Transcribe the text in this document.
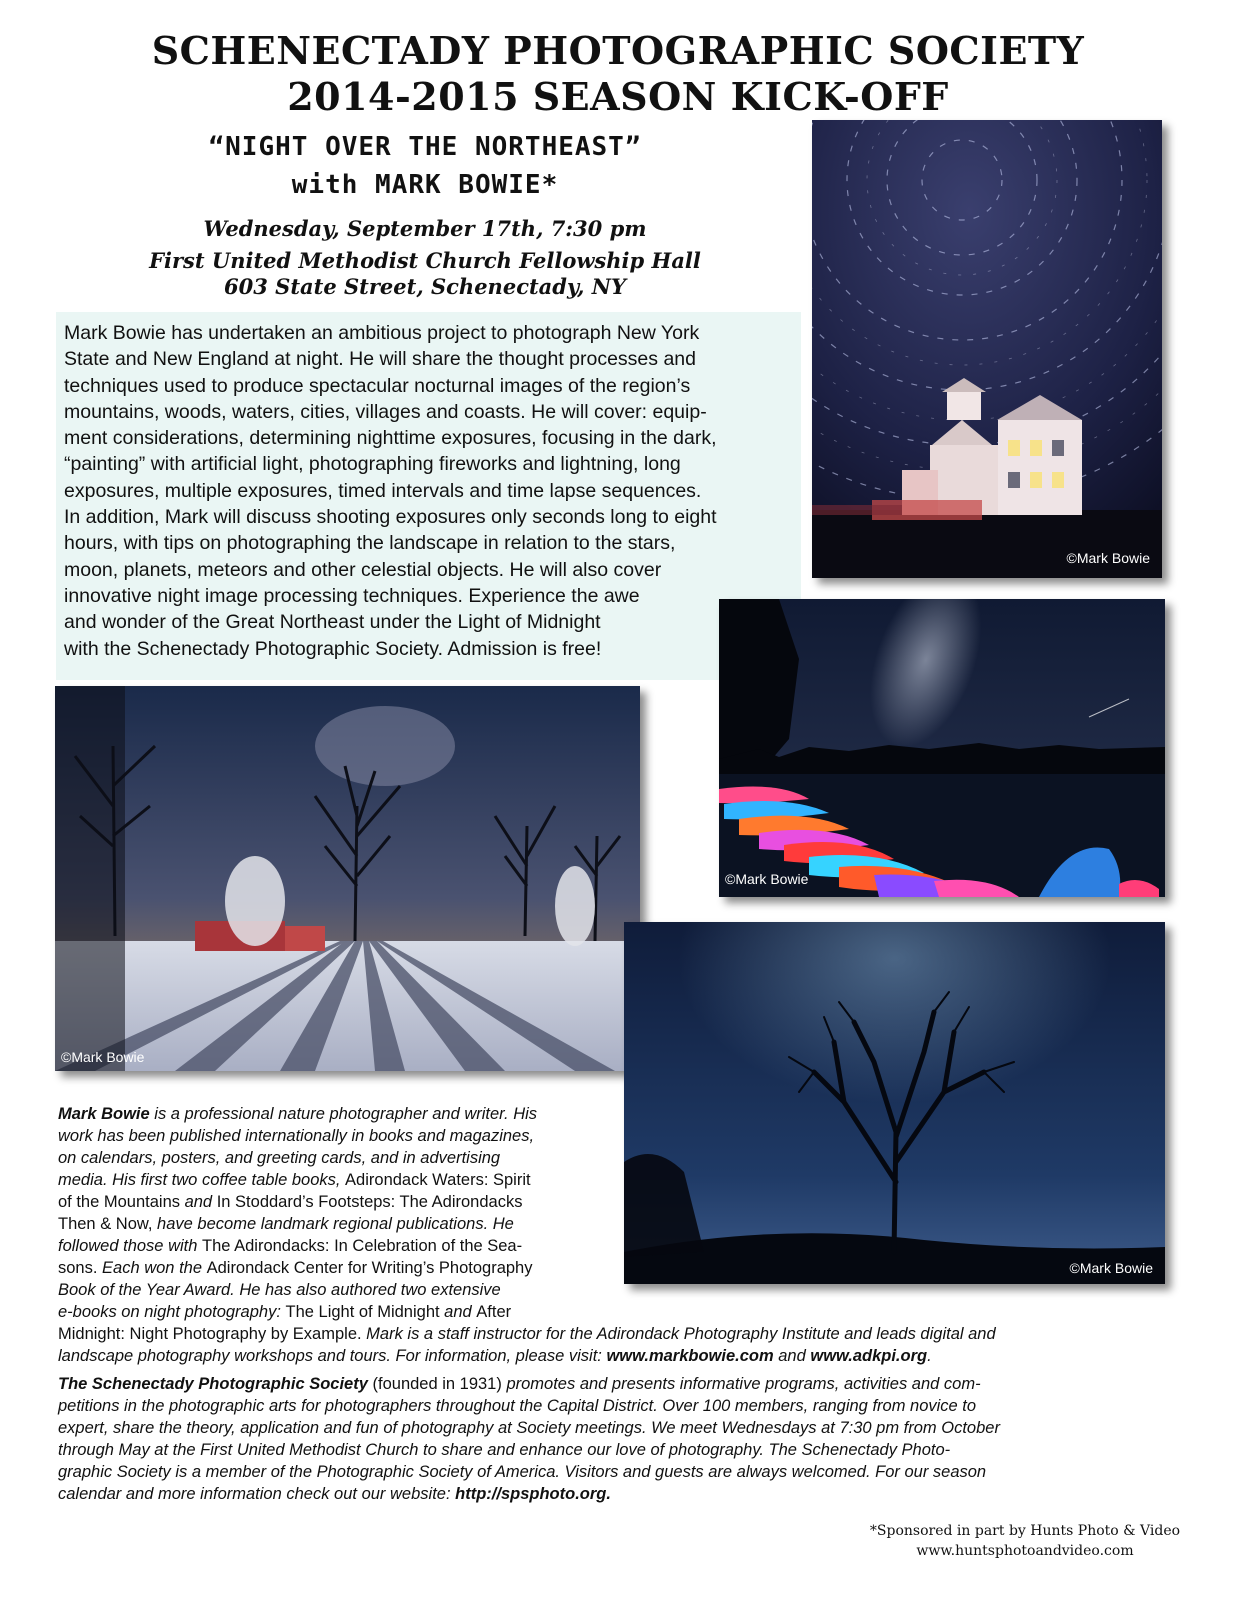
SCHENECTADY PHOTOGRAPHIC SOCIETY
2014-2015 SEASON KICK-OFF
“NIGHT OVER THE NORTHEAST”
with MARK BOWIE*
Wednesday, September 17th, 7:30 pm
First United Methodist Church Fellowship Hall
603 State Street, Schenectady, NY
Mark Bowie has undertaken an ambitious project to photograph New York
State and New England at night. He will share the thought processes and
techniques used to produce spectacular nocturnal images of the region’s
mountains, woods, waters, cities, villages and coasts. He will cover: equip-
ment considerations, determining nighttime exposures, focusing in the dark,
“painting” with artificial light, photographing fireworks and lightning, long
exposures, multiple exposures, timed intervals and time lapse sequences.
In addition, Mark will discuss shooting exposures only seconds long to eight
hours, with tips on photographing the landscape in relation to the stars,
moon, planets, meteors and other celestial objects. He will also cover
innovative night image processing techniques. Experience the awe
and wonder of the Great Northeast under the Light of Midnight
with the Schenectady Photographic Society. Admission is free!
©Mark Bowie
©Mark Bowie
©Mark Bowie
©Mark Bowie
Mark Bowie is a professional nature photographer and writer. His
work has been published internationally in books and magazines,
on calendars, posters, and greeting cards, and in advertising
media. His first two coffee table books, Adirondack Waters: Spirit
of the Mountains and In Stoddard’s Footsteps: The Adirondacks
Then & Now, have become landmark regional publications. He
followed those with The Adirondacks: In Celebration of the Sea-
sons. Each won the Adirondack Center for Writing’s Photography
Book of the Year Award. He has also authored two extensive
e-books on night photography: The Light of Midnight and After
Midnight: Night Photography by Example. Mark is a staff instructor for the Adirondack Photography Institute and leads digital and
landscape photography workshops and tours. For information, please visit: www.markbowie.com and www.adkpi.org.
The Schenectady Photographic Society (founded in 1931) promotes and presents informative programs, activities and com-
petitions in the photographic arts for photographers throughout the Capital District. Over 100 members, ranging from novice to
expert, share the theory, application and fun of photography at Society meetings. We meet Wednesdays at 7:30 pm from October
through May at the First United Methodist Church to share and enhance our love of photography. The Schenectady Photo-
graphic Society is a member of the Photographic Society of America. Visitors and guests are always welcomed. For our season
calendar and more information check out our website: http://spsphoto.org.
*Sponsored in part by Hunts Photo & Video
www.huntsphotoandvideo.com
